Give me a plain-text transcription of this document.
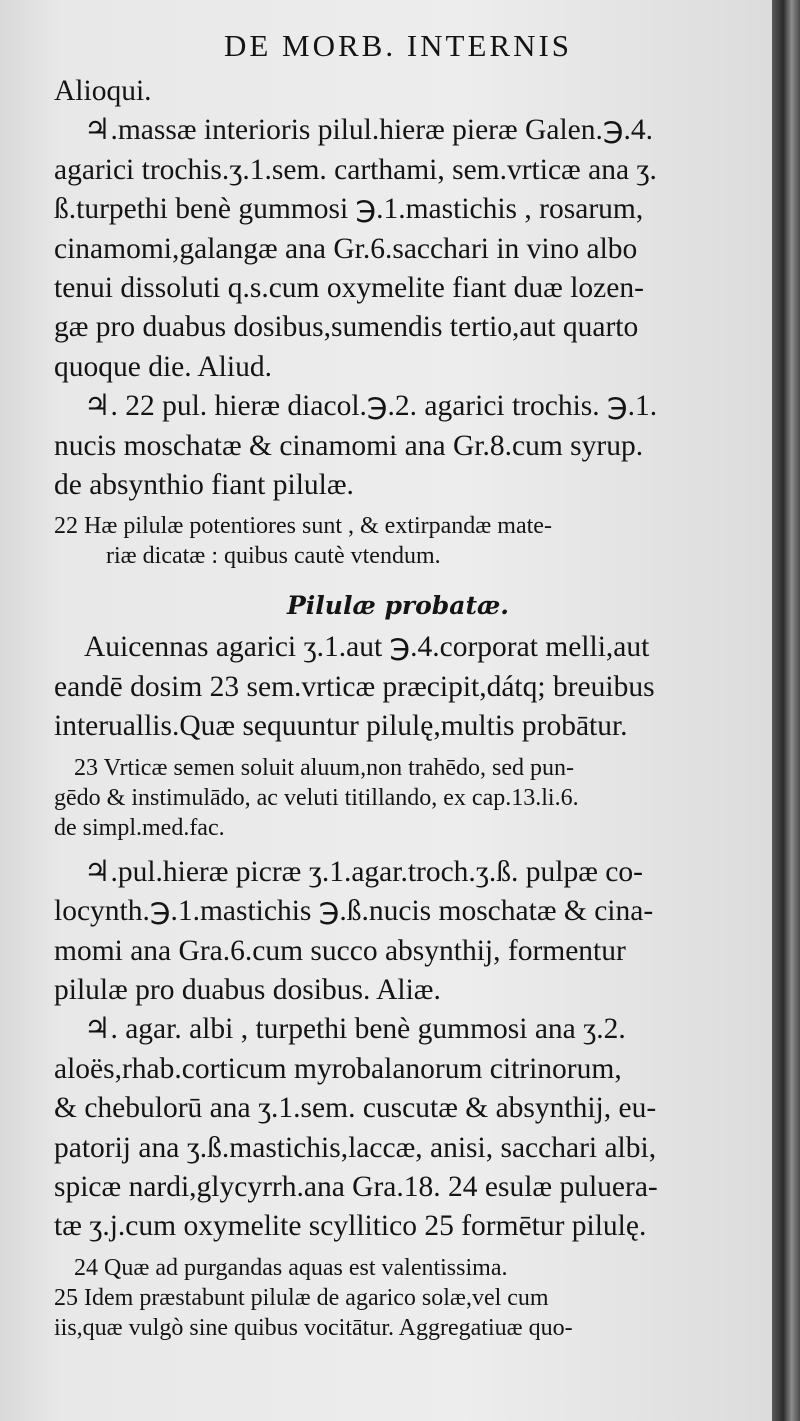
DE MORB. INTERNIS

Alioqui.

♃.massæ interioris pilul.hieræ pieræ Galen.℈.4.

agarici trochis.ʒ.1.sem. carthami, sem.vrticæ ana ʒ.

ß.turpethi benè gummosi ℈.1.mastichis , rosarum,

cinamomi,galangæ ana Gr.6.sacchari in vino albo

tenui dissoluti q.s.cum oxymelite fiant duæ lozen-

gæ pro duabus dosibus,sumendis tertio,aut quarto

quoque die. Aliud.

♃. 22 pul. hieræ diacol.℈.2. agarici trochis. ℈.1.

nucis moschatæ & cinamomi ana Gr.8.cum syrup.

de absynthio fiant pilulæ.

22 Hæ pilulæ potentiores sunt , & extirpandæ mate-

riæ dicatæ : quibus cautè vtendum.

Pilulæ probatæ.

Auicennas agarici ʒ.1.aut ℈.4.corporat melli,aut

eandē dosim 23 sem.vrticæ præcipit,dátq; breuibus

interuallis.Quæ sequuntur pilulę,multis probātur.

23 Vrticæ semen soluit aluum,non trahēdo, sed pun-

gēdo & instimulādo, ac veluti titillando, ex cap.13.li.6.

de simpl.med.fac.

♃.pul.hieræ picræ ʒ.1.agar.troch.ʒ.ß. pulpæ co-

locynth.℈.1.mastichis ℈.ß.nucis moschatæ & cina-

momi ana Gra.6.cum succo absynthij, formentur

pilulæ pro duabus dosibus. Aliæ.

♃. agar. albi , turpethi benè gummosi ana ʒ.2.

aloës,rhab.corticum myrobalanorum citrinorum,

& chebulorū ana ʒ.1.sem. cuscutæ & absynthij, eu-

patorij ana ʒ.ß.mastichis,laccæ, anisi, sacchari albi,

spicæ nardi,glycyrrh.ana Gra.18. 24 esulæ puluera-

tæ ʒ.j.cum oxymelite scyllitico 25 formētur pilulę.

24 Quæ ad purgandas aquas est valentissima.

25 Idem præstabunt pilulæ de agarico solæ,vel cum

iis,quæ vulgò sine quibus vocitātur. Aggregatiuæ quo-
